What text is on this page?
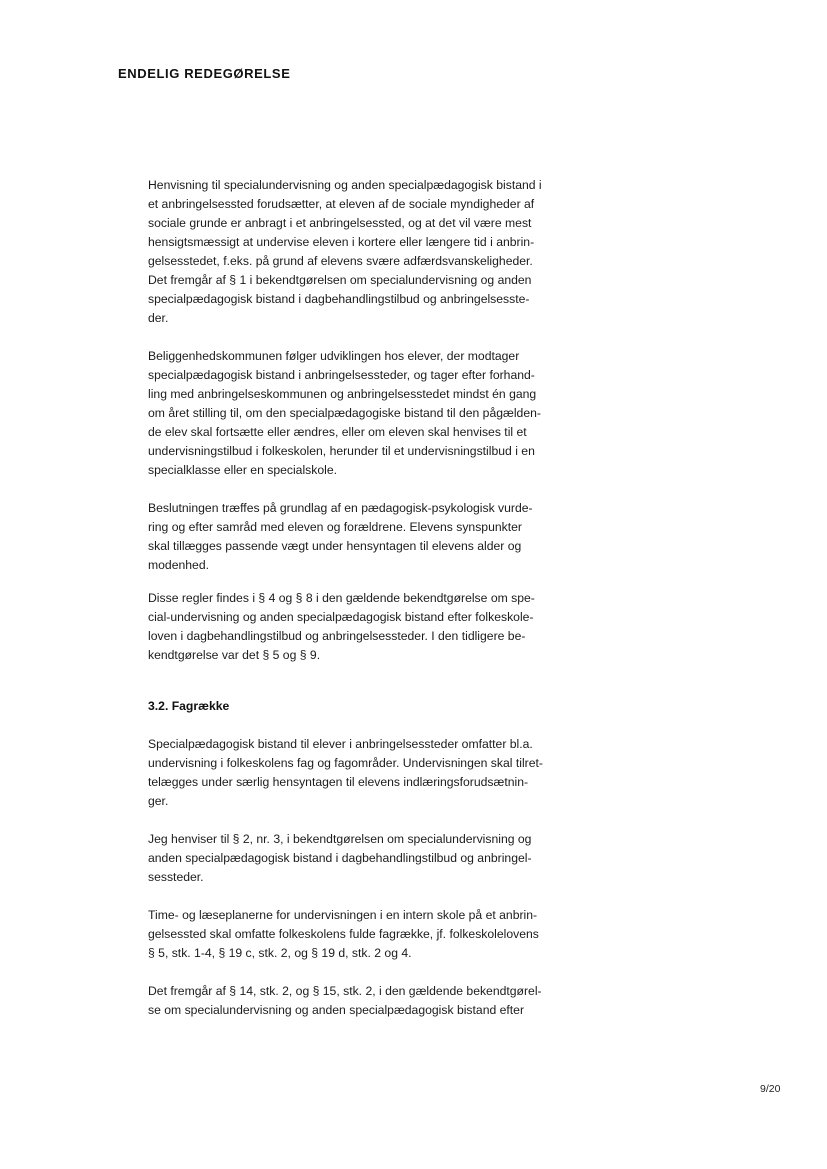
ENDELIG REDEGØRELSE

Henvisning til specialundervisning og anden specialpædagogisk bistand i
et anbringelsessted forudsætter, at eleven af de sociale myndigheder af
sociale grunde er anbragt i et anbringelsessted, og at det vil være mest
hensigtsmæssigt at undervise eleven i kortere eller længere tid i anbrin-
gelsesstedet, f.eks. på grund af elevens svære adfærdsvanskeligheder.
Det fremgår af § 1 i bekendtgørelsen om specialundervisning og anden
specialpædagogisk bistand i dagbehandlingstilbud og anbringelsesste-
der.

Beliggenhedskommunen følger udviklingen hos elever, der modtager
specialpædagogisk bistand i anbringelsessteder, og tager efter forhand-
ling med anbringelseskommunen og anbringelsesstedet mindst én gang
om året stilling til, om den specialpædagogiske bistand til den pågælden-
de elev skal fortsætte eller ændres, eller om eleven skal henvises til et
undervisningstilbud i folkeskolen, herunder til et undervisningstilbud i en
specialklasse eller en specialskole.

Beslutningen træffes på grundlag af en pædagogisk-psykologisk vurde-
ring og efter samråd med eleven og forældrene. Elevens synspunkter
skal tillægges passende vægt under hensyntagen til elevens alder og
modenhed.

Disse regler findes i § 4 og § 8 i den gældende bekendtgørelse om spe-
cial-undervisning og anden specialpædagogisk bistand efter folkeskole-
loven i dagbehandlingstilbud og anbringelsessteder. I den tidligere be-
kendtgørelse var det § 5 og § 9.

3.2. Fagrække

Specialpædagogisk bistand til elever i anbringelsessteder omfatter bl.a.
undervisning i folkeskolens fag og fagområder. Undervisningen skal tilret-
telægges under særlig hensyntagen til elevens indlæringsforudsætnin-
ger.

Jeg henviser til § 2, nr. 3, i bekendtgørelsen om specialundervisning og
anden specialpædagogisk bistand i dagbehandlingstilbud og anbringel-
sessteder.

Time- og læseplanerne for undervisningen i en intern skole på et anbrin-
gelsessted skal omfatte folkeskolens fulde fagrække, jf. folkeskolelovens
§ 5, stk. 1-4, § 19 c, stk. 2, og § 19 d, stk. 2 og 4.

Det fremgår af § 14, stk. 2, og § 15, stk. 2, i den gældende bekendtgørel-
se om specialundervisning og anden specialpædagogisk bistand efter

9/20
